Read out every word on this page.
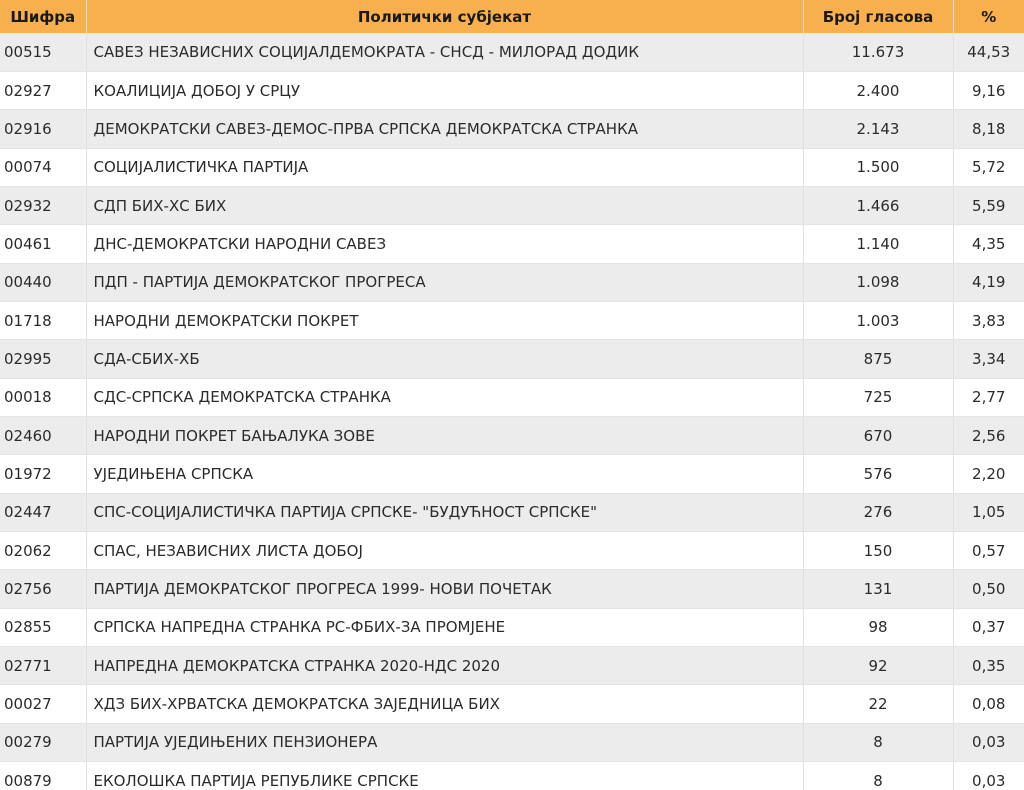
Шифра	Политички субјекат	Број гласова	%
00515	САВЕЗ НЕЗАВИСНИХ СОЦИЈАЛДЕМОКРАТА - СНСД - МИЛОРАД ДОДИК	11.673	44,53
02927	КОАЛИЦИЈА ДОБОЈ У СРЦУ	2.400	9,16
02916	ДЕМОКРАТСКИ САВЕЗ-ДЕМОС-ПРВА СРПСКА ДЕМОКРАТСКА СТРАНКА	2.143	8,18
00074	СОЦИЈАЛИСТИЧКА ПАРТИЈА	1.500	5,72
02932	СДП БИХ-ХС БИХ	1.466	5,59
00461	ДНС-ДЕМОКРАТСКИ НАРОДНИ САВЕЗ	1.140	4,35
00440	ПДП - ПАРТИЈА ДЕМОКРАТСКОГ ПРОГРЕСА	1.098	4,19
01718	НАРОДНИ ДЕМОКРАТСКИ ПОКРЕТ	1.003	3,83
02995	СДА-СБИХ-ХБ	875	3,34
00018	СДС-СРПСКА ДЕМОКРАТСКА СТРАНКА	725	2,77
02460	НАРОДНИ ПОКРЕТ БАЊАЛУКА ЗОВЕ	670	2,56
01972	УЈЕДИЊЕНА СРПСКА	576	2,20
02447	СПС-СОЦИЈАЛИСТИЧКА ПАРТИЈА СРПСКЕ- "БУДУЋНОСТ СРПСКЕ"	276	1,05
02062	СПАС, НЕЗАВИСНИХ ЛИСТА ДОБОЈ	150	0,57
02756	ПАРТИЈА ДЕМОКРАТСКОГ ПРОГРЕСА 1999- НОВИ ПОЧЕТАК	131	0,50
02855	СРПСКА НАПРЕДНА СТРАНКА РС-ФБИХ-ЗА ПРОМЈЕНЕ	98	0,37
02771	НАПРЕДНА ДЕМОКРАТСКА СТРАНКА 2020-НДС 2020	92	0,35
00027	ХДЗ БИХ-ХРВАТСКА ДЕМОКРАТСКА ЗАЈЕДНИЦА БИХ	22	0,08
00279	ПАРТИЈА УЈЕДИЊЕНИХ ПЕНЗИОНЕРА	8	0,03
00879	ЕКОЛОШКА ПАРТИЈА РЕПУБЛИКЕ СРПСКЕ	8	0,03
